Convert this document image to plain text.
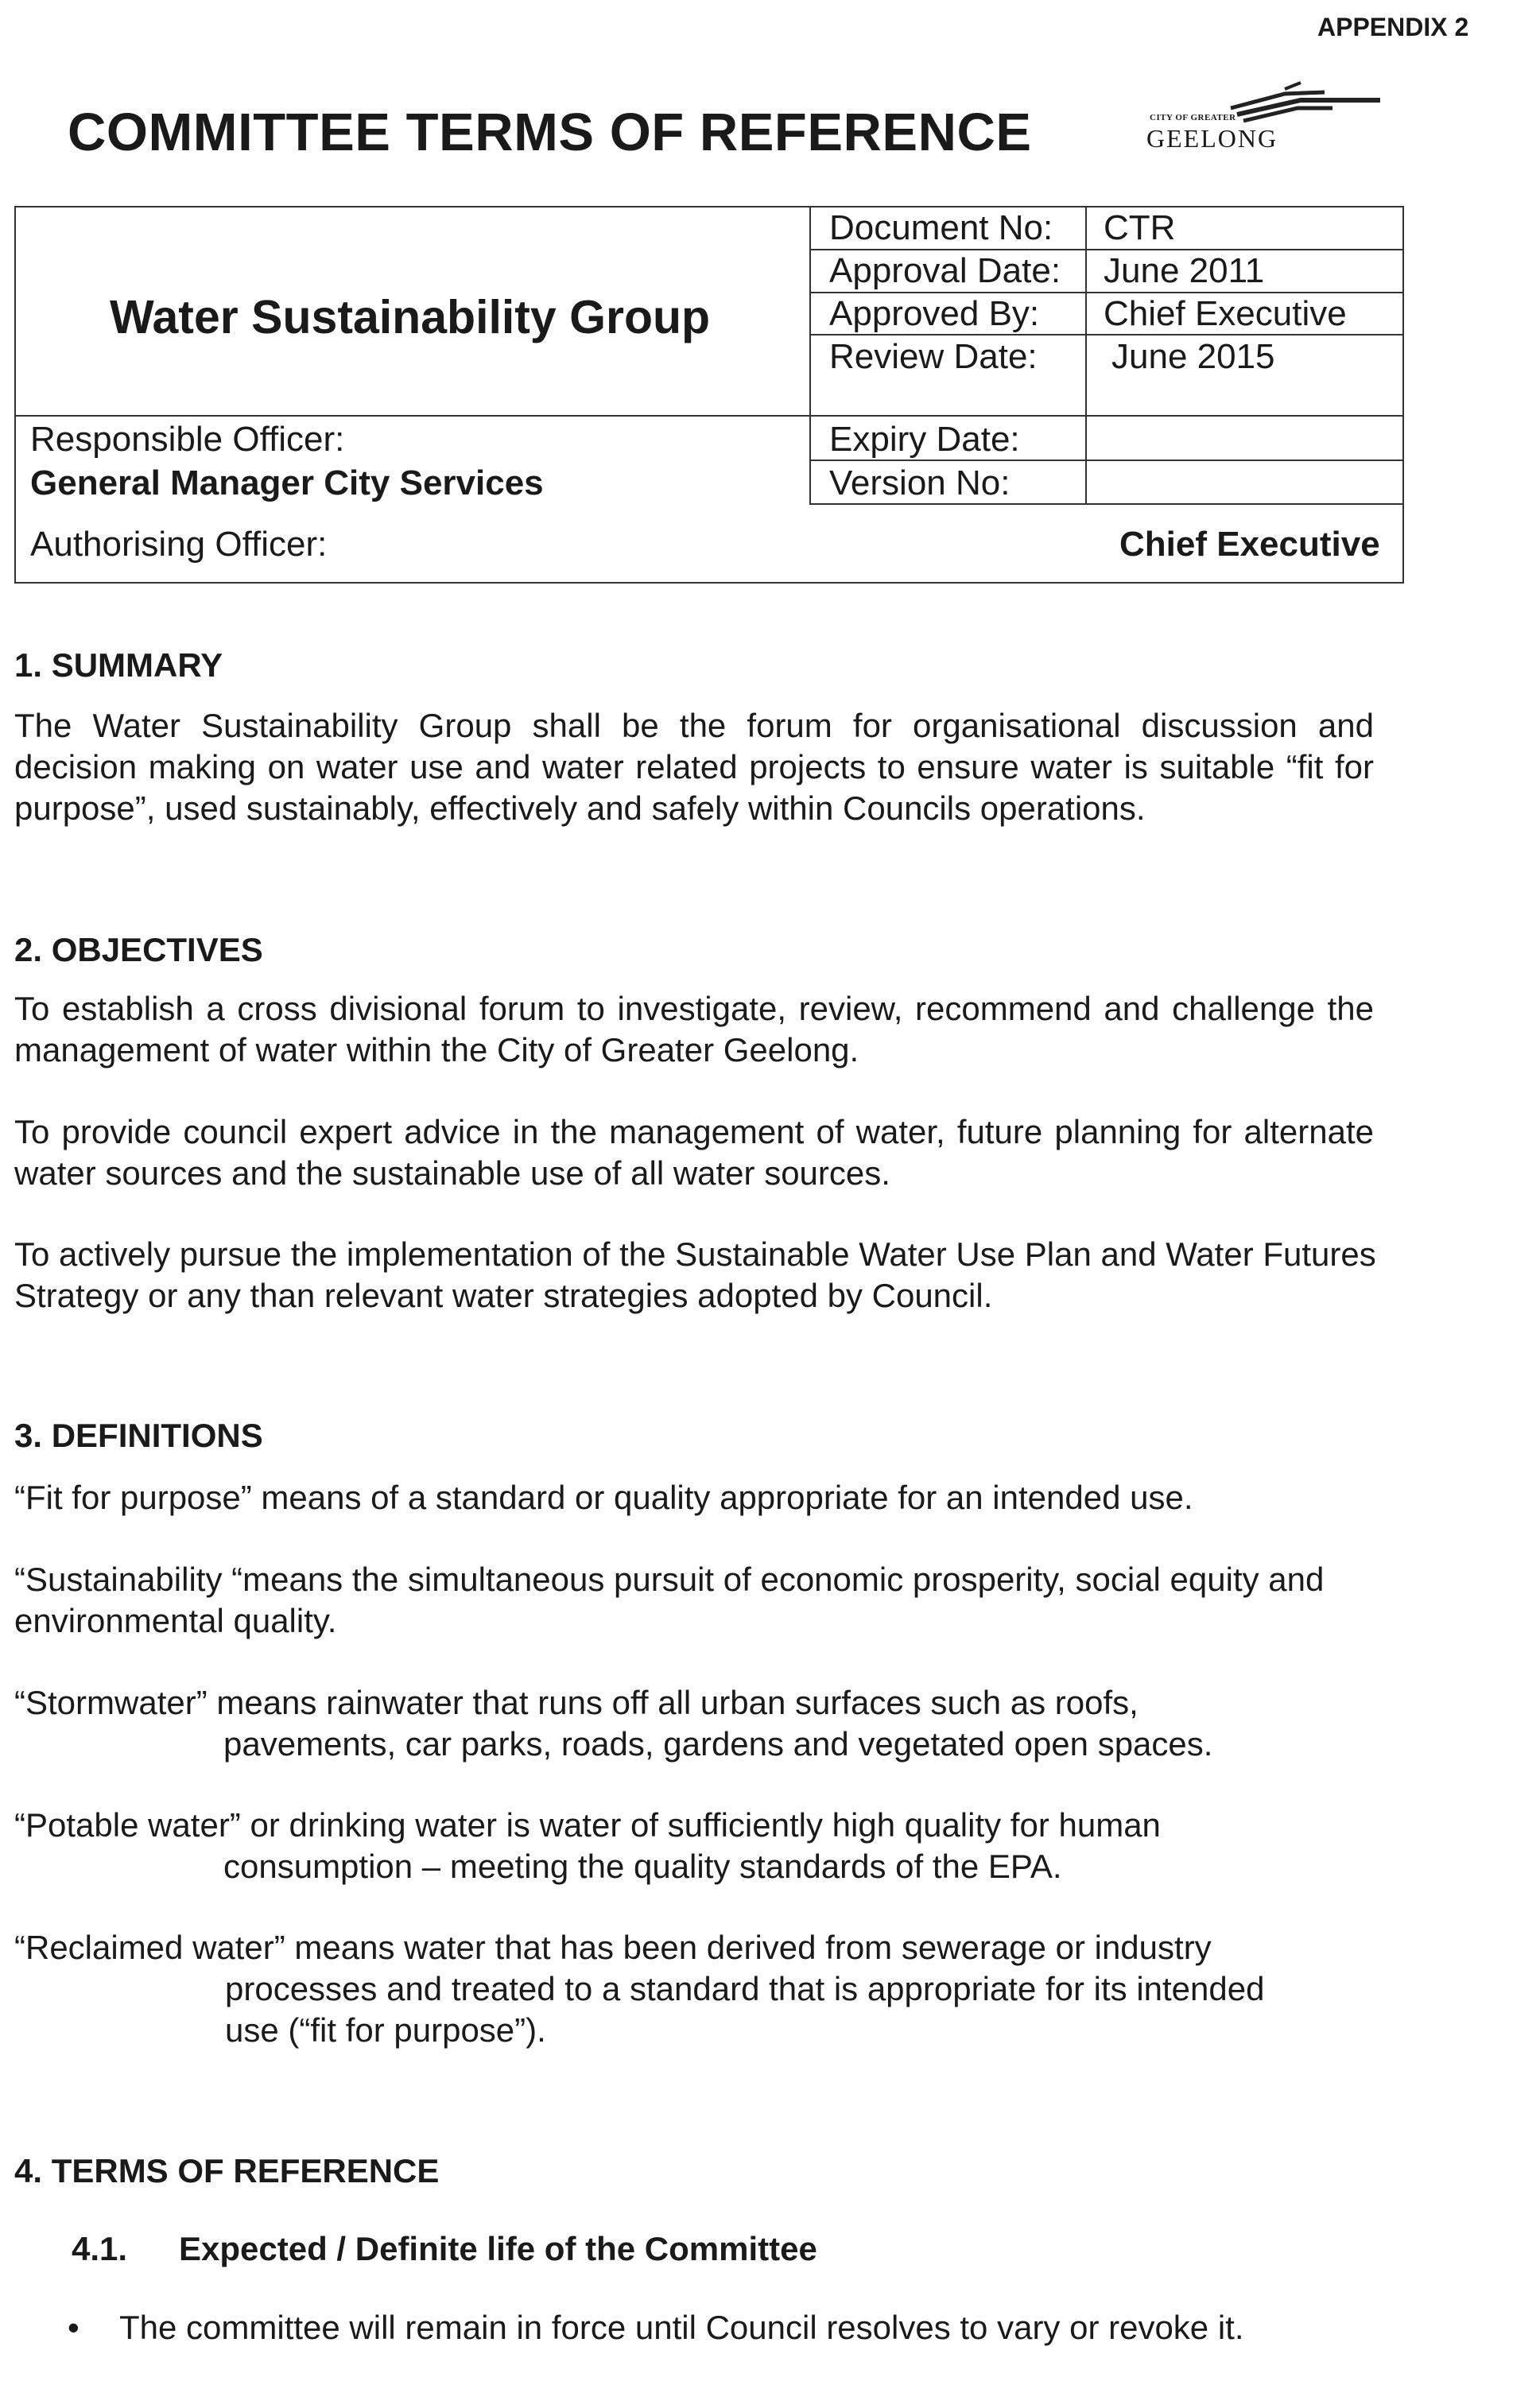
APPENDIX 2
COMMITTEE TERMS OF REFERENCE	CITY OF GREATER
GEELONG
Water Sustainability Group
Document No: CTR
Approval Date: June 2011
Approved By: Chief Executive
Review Date: June 2015
Expiry Date:
Version No:
Responsible Officer:
General Manager City Services
Authorising Officer:	Chief Executive
1. SUMMARY
The Water Sustainability Group shall be the forum for organisational discussion and decision making on water use and water related projects to ensure water is suitable “fit for purpose”, used sustainably, effectively and safely within Councils operations.
2. OBJECTIVES
To establish a cross divisional forum to investigate, review, recommend and challenge the management of water within the City of Greater Geelong.
To provide council expert advice in the management of water, future planning for alternate water sources and the sustainable use of all water sources.
To actively pursue the implementation of the Sustainable Water Use Plan and Water Futures Strategy or any than relevant water strategies adopted by Council.
3. DEFINITIONS
“Fit for purpose” means of a standard or quality appropriate for an intended use.
“Sustainability “means the simultaneous pursuit of economic prosperity, social equity and environmental quality.
“Stormwater” means rainwater that runs off all urban surfaces such as roofs,
pavements, car parks, roads, gardens and vegetated open spaces.
“Potable water” or drinking water is water of sufficiently high quality for human
consumption – meeting the quality standards of the EPA.
“Reclaimed water” means water that has been derived from sewerage or industry
processes and treated to a standard that is appropriate for its intended
use (“fit for purpose”).
4. TERMS OF REFERENCE
4.1. Expected / Definite life of the Committee
• The committee will remain in force until Council resolves to vary or revoke it.
